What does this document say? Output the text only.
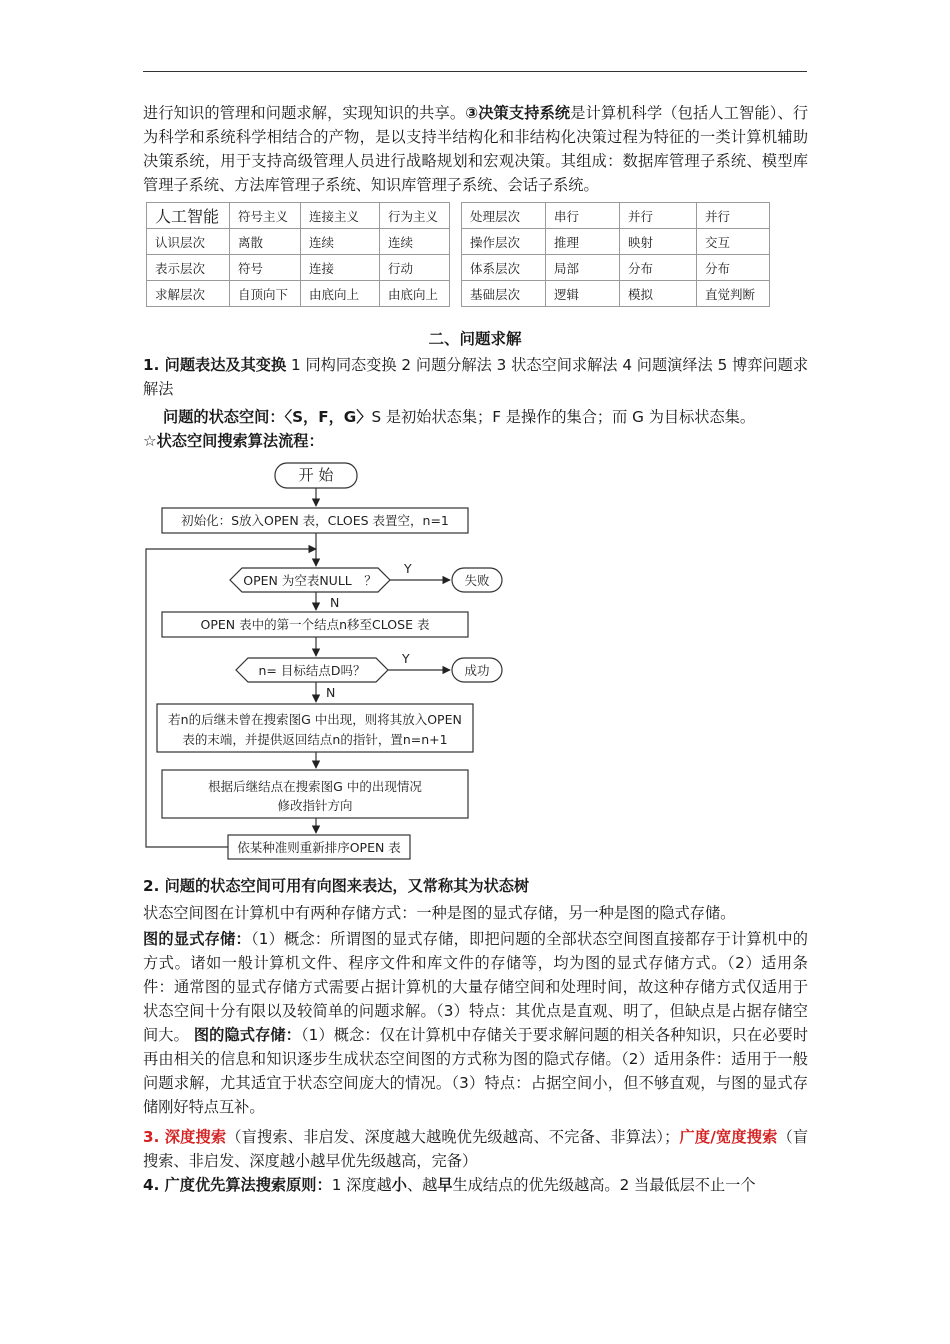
进行知识的管理和问题求解，实现知识的共享。③决策支持系统是计算机科学（包括人工智能）、行为科学和系统科学相结合的产物，是以支持半结构化和非结构化决策过程为特征的一类计算机辅助决策系统，用于支持高级管理人员进行战略规划和宏观决策。其组成：数据库管理子系统、模型库管理子系统、方法库管理子系统、知识库管理子系统、会话子系统。

人工智能	符号主义	连接主义	行为主义
认识层次	离散	连续	连续
表示层次	符号	连接	行动
求解层次	自顶向下	由底向上	由底向上
处理层次	串行	并行	并行
操作层次	推理	映射	交互
体系层次	局部	分布	分布
基础层次	逻辑	模拟	直觉判断
二、问题求解

1. 问题表达及其变换 1 同构同态变换 2 问题分解法 3 状态空间求解法 4 问题演绎法 5 博弈问题求解法

问题的状态空间：〈S，F，G〉S 是初始状态集；F 是操作的集合；而 G 为目标状态集。

☆状态空间搜索算法流程：

开 始
初始化：S放入OPEN 表，CLOES 表置空，n=1
OPEN 为空表NULL　？
Y
失败
N
OPEN 表中的第一个结点n移至CLOSE 表
n= 目标结点D吗？
Y
成功
N
若n的后继未曾在搜索图G 中出现，则将其放入OPEN
表的末端，并提供返回结点n的指针，置n=n+1
根据后继结点在搜索图G 中的出现情况
修改指针方向
依某种准则重新排序OPEN 表

2. 问题的状态空间可用有向图来表达，又常称其为状态树

状态空间图在计算机中有两种存储方式：一种是图的显式存储，另一种是图的隐式存储。

图的显式存储：（1）概念：所谓图的显式存储，即把问题的全部状态空间图直接都存于计算机中的方式。诸如一般计算机文件、程序文件和库文件的存储等，均为图的显式存储方式。（2）适用条件：通常图的显式存储方式需要占据计算机的大量存储空间和处理时间，故这种存储方式仅适用于状态空间十分有限以及较简单的问题求解。（3）特点：其优点是直观、明了，但缺点是占据存储空间大。 图的隐式存储：（1）概念：仅在计算机中存储关于要求解问题的相关各种知识，只在必要时再由相关的信息和知识逐步生成状态空间图的方式称为图的隐式存储。（2）适用条件：适用于一般问题求解，尤其适宜于状态空间庞大的情况。（3）特点：占据空间小，但不够直观，与图的显式存储刚好特点互补。

3. 深度搜索（盲搜索、非启发、深度越大越晚优先级越高、不完备、非算法）；广度/宽度搜索（盲搜索、非启发、深度越小越早优先级越高，完备）

4. 广度优先算法搜索原则：1 深度越小、越早生成结点的优先级越高。2 当最低层不止一个
